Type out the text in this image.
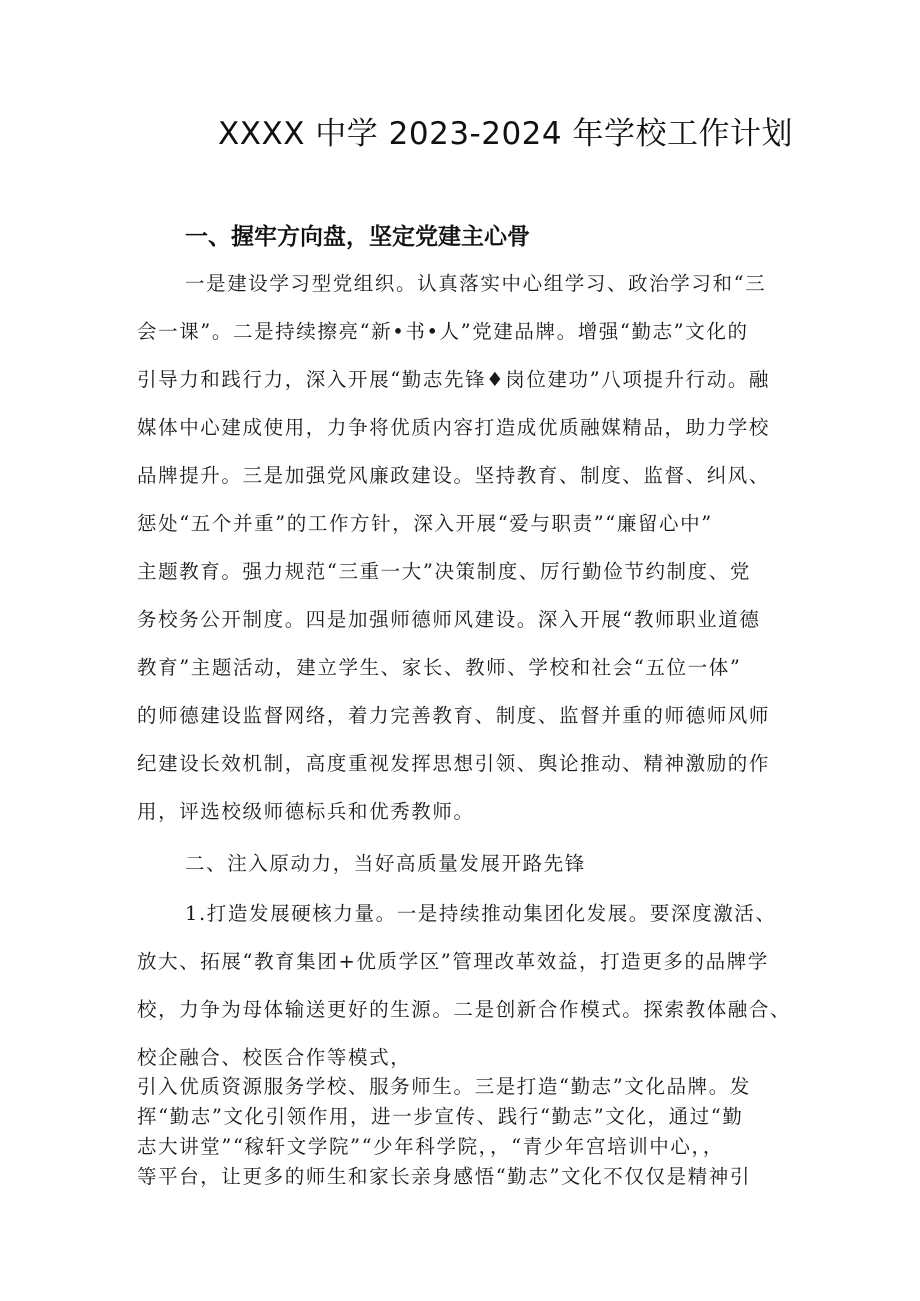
XXXX 中学 2023-2024 年学校工作计划
一、握牢方向盘，坚定党建主心骨
一是建设学习型党组织。认真落实中心组学习、政治学习和“三
会一课”。二是持续擦亮“新•书•人”党建品牌。增强“勤志”文化的
引导力和践行力，深入开展“勤志先锋♦岗位建功”八项提升行动。融
媒体中心建成使用，力争将优质内容打造成优质融媒精品，助力学校
品牌提升。三是加强党风廉政建设。坚持教育、制度、监督、纠风、
惩处“五个并重”的工作方针，深入开展“爱与职责”“廉留心中”
主题教育。强力规范“三重一大”决策制度、厉行勤俭节约制度、党
务校务公开制度。四是加强师德师风建设。深入开展“教师职业道德
教育”主题活动，建立学生、家长、教师、学校和社会“五位一体”
的师德建设监督网络，着力完善教育、制度、监督并重的师德师风师
纪建设长效机制，高度重视发挥思想引领、舆论推动、精神激励的作
用，评选校级师德标兵和优秀教师。
二、注入原动力，当好高质量发展开路先锋
1.打造发展硬核力量。一是持续推动集团化发展。要深度激活、
放大、拓展“教育集团+优质学区”管理改革效益，打造更多的品牌学
校，力争为母体输送更好的生源。二是创新合作模式。探索教体融合、
校企融合、校医合作等模式，
引入优质资源服务学校、服务师生。三是打造“勤志”文化品牌。发
挥“勤志”文化引领作用，进一步宣传、践行“勤志”文化，通过“勤
志大讲堂”“稼轩文学院”“少年科学院，，“青少年宫培训中心，，
等平台，让更多的师生和家长亲身感悟“勤志”文化不仅仅是精神引
